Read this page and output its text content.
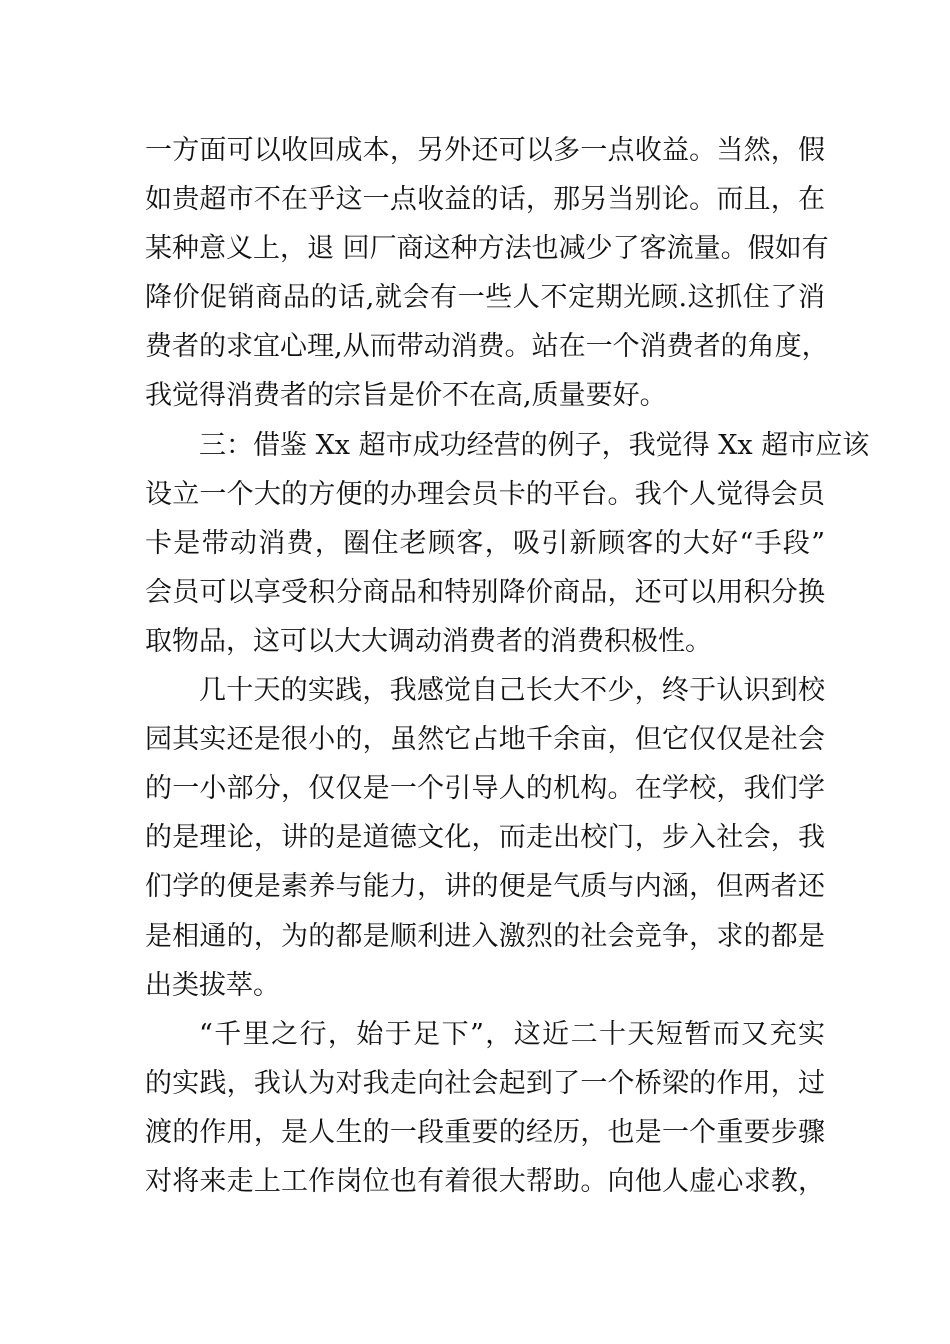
一方面可以收回成本，另外还可以多一点收益。当然，假
如贵超市不在乎这一点收益的话，那另当别论。而且，在
某种意义上，退 回厂商这种方法也减少了客流量。假如有
降价促销商品的话,就会有一些人不定期光顾.这抓住了消
费者的求宜心理,从而带动消费。站在一个消费者的角度，
我觉得消费者的宗旨是价不在高,质量要好。
三：借鉴 Xx 超市成功经营的例子，我觉得 Xx 超市应该
设立一个大的方便的办理会员卡的平台。我个人觉得会员
卡是带动消费，圈住老顾客，吸引新顾客的大好“手段”
会员可以享受积分商品和特别降价商品，还可以用积分换
取物品，这可以大大调动消费者的消费积极性。
几十天的实践，我感觉自己长大不少，终于认识到校
园其实还是很小的，虽然它占地千余亩，但它仅仅是社会
的一小部分，仅仅是一个引导人的机构。在学校，我们学
的是理论，讲的是道德文化，而走出校门，步入社会，我
们学的便是素养与能力，讲的便是气质与内涵，但两者还
是相通的，为的都是顺利进入激烈的社会竞争，求的都是
出类拔萃。
“千里之行，始于足下”，这近二十天短暂而又充实
的实践，我认为对我走向社会起到了一个桥梁的作用，过
渡的作用，是人生的一段重要的经历，也是一个重要步骤
对将来走上工作岗位也有着很大帮助。向他人虚心求教，
